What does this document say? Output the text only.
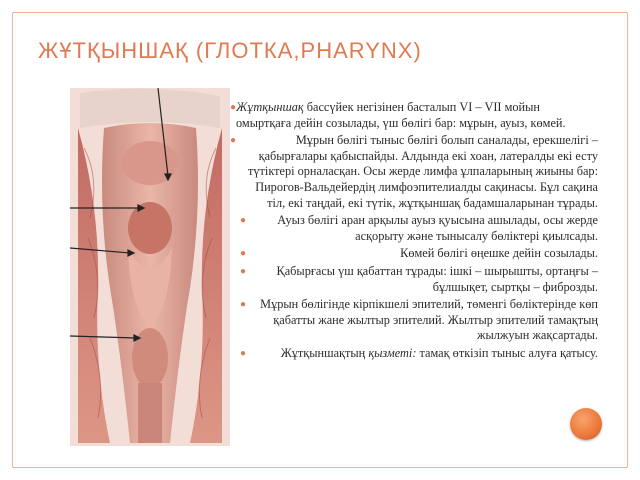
ЖҰТҚЫНШАҚ (ГЛОТКА,PHARYNX)

● Жұтқыншақ бассүйек негізінен басталып VI – VII мойын омыртқаға дейін созылады, үш бөлігі бар: мұрын, ауыз, көмей.

●	Мұрын бөлігі тыныс бөлігі болып саналады, ерекшелігі – қабырғалары қабыспайды. Алдында екі хоан, латералды екі есту түтіктері орналасқан. Осы жерде лимфа ұлпаларының жиыны бар: Пирогов-Вальдейердің лимфоэпителиалды сақинасы. Бұл сақина тіл, екі таңдай, екі түтік, жұтқыншақ бадамшаларынан тұрады.

●	Ауыз бөлігі аран арқылы ауыз қуысына ашылады, осы жерде асқорыту және тынысалу бөліктері қиылсады.

●	Көмей бөлігі өңешке дейін созылады.

●	Қабырғасы үш қабаттан тұрады: ішкі – шырышты, ортаңғы – бұлшықет, сыртқы – фиброзды.

●	Мұрын бөлігінде кірпікшелі эпителий, төменгі бөліктерінде көп қабатты жане жылтыр эпителий. Жылтыр эпителий тамақтың жылжуын жақсартады.

●	Жұтқыншақтың қызметі: тамақ өткізіп тыныс алуға қатысу.
